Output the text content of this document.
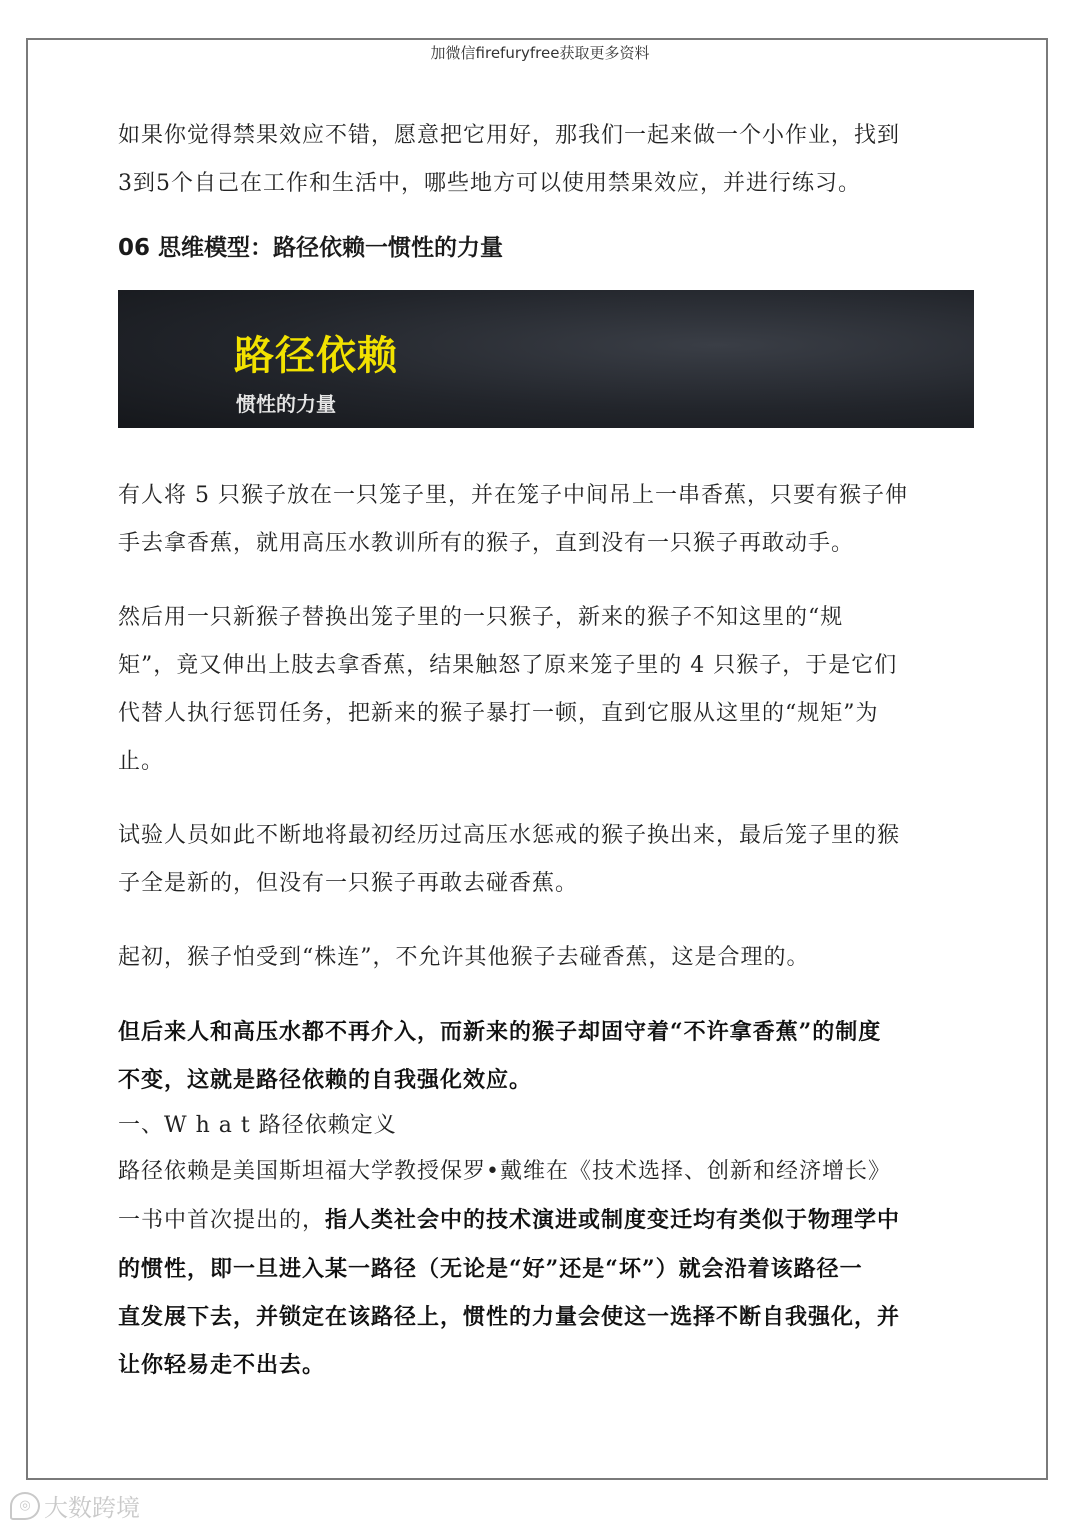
加微信firefuryfree获取更多资料

如果你觉得禁果效应不错，愿意把它用好，那我们一起来做一个小作业，找到

3到5个自己在工作和生活中，哪些地方可以使用禁果效应，并进行练习。

06 思维模型：路径依赖一惯性的力量
路径依赖
惯性的力量

有人将 5 只猴子放在一只笼子里，并在笼子中间吊上一串香蕉，只要有猴子伸

手去拿香蕉，就用高压水教训所有的猴子，直到没有一只猴子再敢动手。

然后用一只新猴子替换出笼子里的一只猴子，新来的猴子不知这里的“规

矩”，竟又伸出上肢去拿香蕉，结果触怒了原来笼子里的 4 只猴子，于是它们

代替人执行惩罚任务，把新来的猴子暴打一顿，直到它服从这里的“规矩”为

止。

试验人员如此不断地将最初经历过高压水惩戒的猴子换出来，最后笼子里的猴

子全是新的，但没有一只猴子再敢去碰香蕉。

起初，猴子怕受到“株连”，不允许其他猴子去碰香蕉，这是合理的。

但后来人和高压水都不再介入，而新来的猴子却固守着“不许拿香蕉”的制度

不变，这就是路径依赖的自我强化效应。

一、W h a t 路径依赖定义

路径依赖是美国斯坦福大学教授保罗•戴维在《技术选择、创新和经济增长》

一书中首次提出的，指人类社会中的技术演进或制度变迁均有类似于物理学中

的惯性，即一旦进入某一路径（无论是“好”还是“坏”）就会沿着该路径一

直发展下去，并锁定在该路径上，惯性的力量会使这一选择不断自我强化，并

让你轻易走不出去。

◎ 大数跨境
